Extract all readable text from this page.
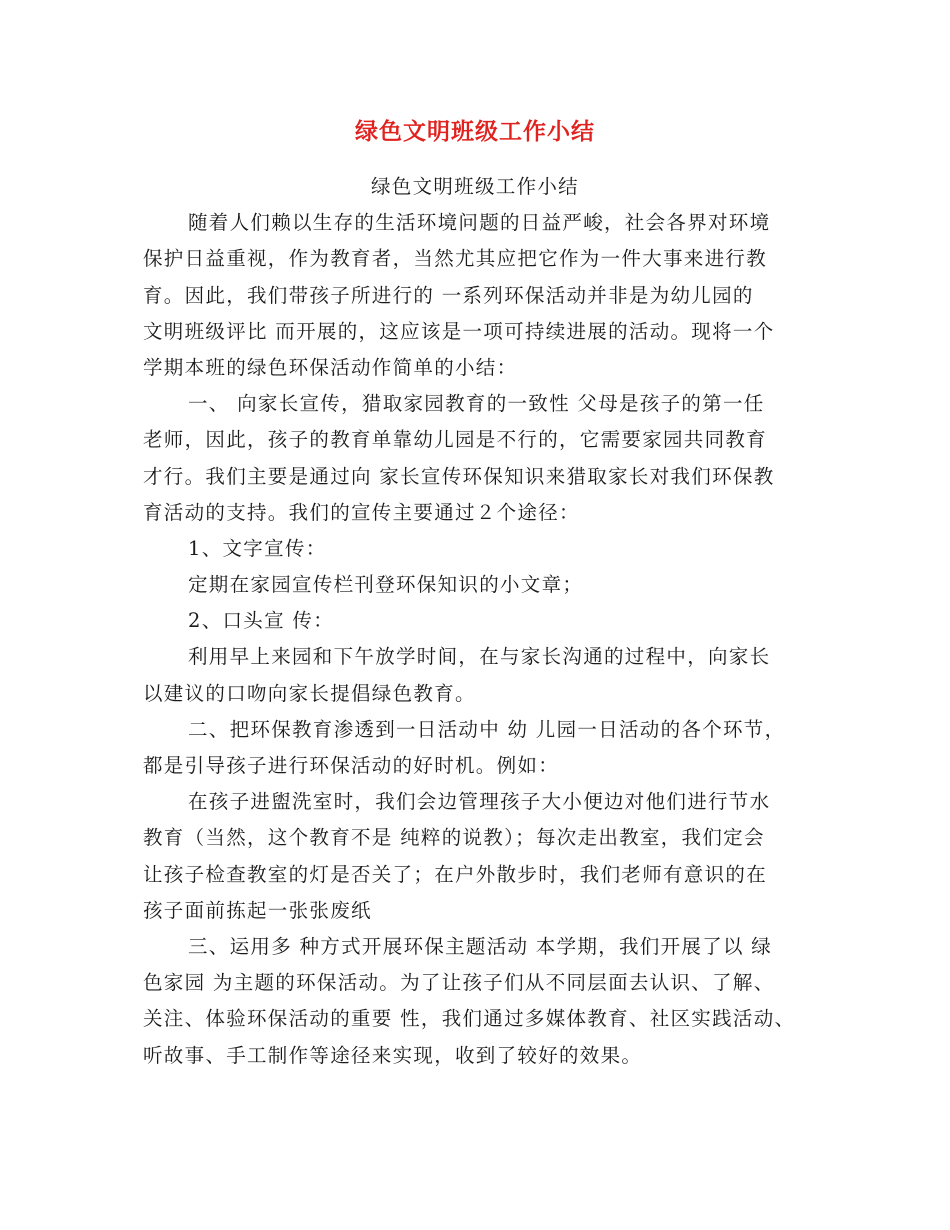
绿色文明班级工作小结
绿色文明班级工作小结
随着人们赖以生存的生活环境问题的日益严峻，社会各界对环境
保护日益重视，作为教育者，当然尤其应把它作为一件大事来进行教
育。因此，我们带孩子所进行的 一系列环保活动并非是为幼儿园的
文明班级评比 而开展的，这应该是一项可持续进展的活动。现将一个
学期本班的绿色环保活动作简单的小结：
一、 向家长宣传，猎取家园教育的一致性 父母是孩子的第一任
老师，因此，孩子的教育单靠幼儿园是不行的，它需要家园共同教育
才行。我们主要是通过向 家长宣传环保知识来猎取家长对我们环保教
育活动的支持。我们的宣传主要通过２个途径：
1、文字宣传：
定期在家园宣传栏刊登环保知识的小文章；
2、口头宣 传：
利用早上来园和下午放学时间，在与家长沟通的过程中，向家长
以建议的口吻向家长提倡绿色教育。
二、把环保教育渗透到一日活动中 幼 儿园一日活动的各个环节，
都是引导孩子进行环保活动的好时机。例如：
在孩子进盥洗室时，我们会边管理孩子大小便边对他们进行节水
教育（当然，这个教育不是 纯粹的说教）；每次走出教室，我们定会
让孩子检查教室的灯是否关了；在户外散步时，我们老师有意识的在
孩子面前拣起一张张废纸
三、运用多 种方式开展环保主题活动 本学期，我们开展了以 绿
色家园 为主题的环保活动。为了让孩子们从不同层面去认识、了解、
关注、体验环保活动的重要 性，我们通过多媒体教育、社区实践活动、
听故事、手工制作等途径来实现，收到了较好的效果。
